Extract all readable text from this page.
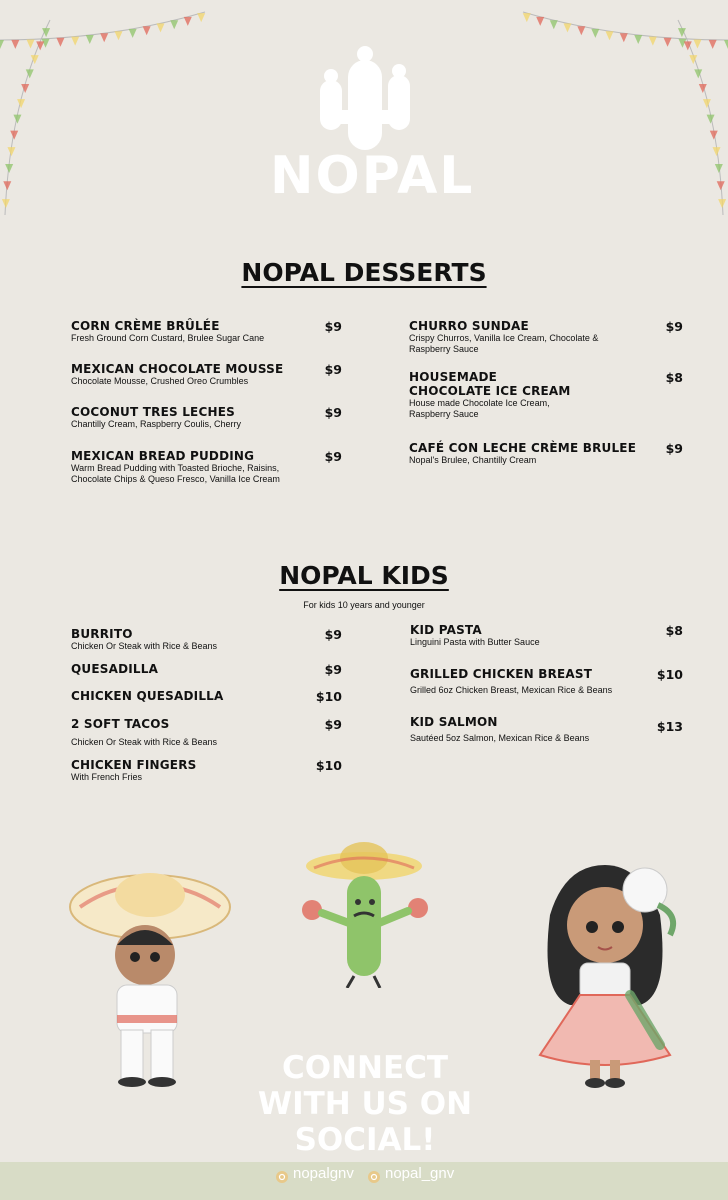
NOPAL
NOPAL DESSERTS
CORN CRÈME BRÛLÉE
Fresh Ground Corn Custard, Brulee Sugar Cane
$9
MEXICAN CHOCOLATE MOUSSE
Chocolate Mousse, Crushed Oreo Crumbles
$9
COCONUT TRES LECHES
Chantilly Cream, Raspberry Coulis, Cherry
$9
MEXICAN BREAD PUDDING
Warm Bread Pudding with Toasted Brioche, Raisins, Chocolate Chips & Queso Fresco, Vanilla Ice Cream
$9
CHURRO SUNDAE
Crispy Churros, Vanilla Ice Cream, Chocolate & Raspberry Sauce
$9
HOUSEMADE CHOCOLATE ICE CREAM
House made Chocolate Ice Cream, Raspberry Sauce
$8
CAFÉ CON LECHE CRÈME BRULEE
Nopal's Brulee, Chantilly Cream
$9
NOPAL KIDS
For kids 10 years and younger
BURRITO
Chicken Or Steak with Rice & Beans
$9
QUESADILLA	$9
CHICKEN QUESADILLA	$10
2 SOFT TACOS
Chicken Or Steak with Rice & Beans
$9
CHICKEN FINGERS
With French Fries
$10
KID PASTA
Linguini Pasta with Butter Sauce
$8
GRILLED CHICKEN BREAST
Grilled 6oz Chicken Breast, Mexican Rice & Beans
$10
KID SALMON
Sautéed 5oz Salmon, Mexican Rice & Beans
$13
CONNECT
WITH US ON
SOCIAL!
nopalgnv nopal_gnv
